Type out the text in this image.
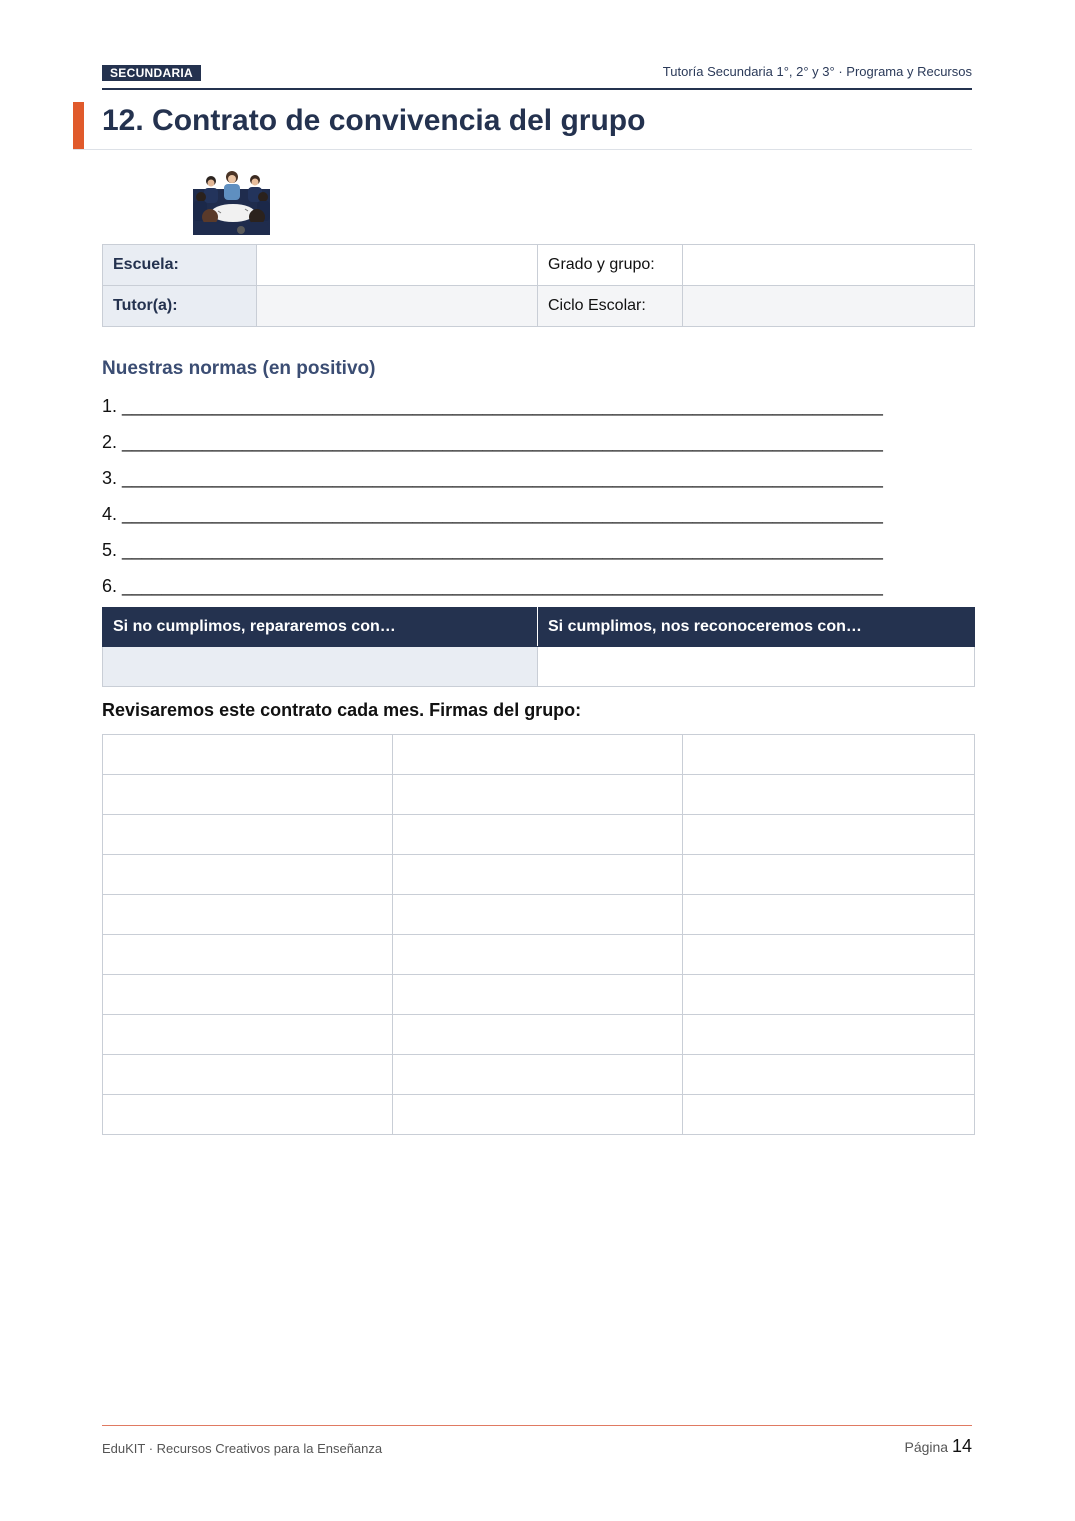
SECUNDARIA	Tutoría Secundaria 1°, 2° y 3° · Programa y Recursos
12. Contrato de convivencia del grupo
Escuela:		Grado y grupo:	
Tutor(a):		Ciclo Escolar:	
Nuestras normas (en positivo)
1. ____________________________________________________________________________
2. ____________________________________________________________________________
3. ____________________________________________________________________________
4. ____________________________________________________________________________
5. ____________________________________________________________________________
6. ____________________________________________________________________________
Si no cumplimos, repararemos con…	Si cumplimos, nos reconoceremos con…

Revisaremos este contrato cada mes. Firmas del grupo:

EduKIT · Recursos Creativos para la Enseñanza	Página 14
